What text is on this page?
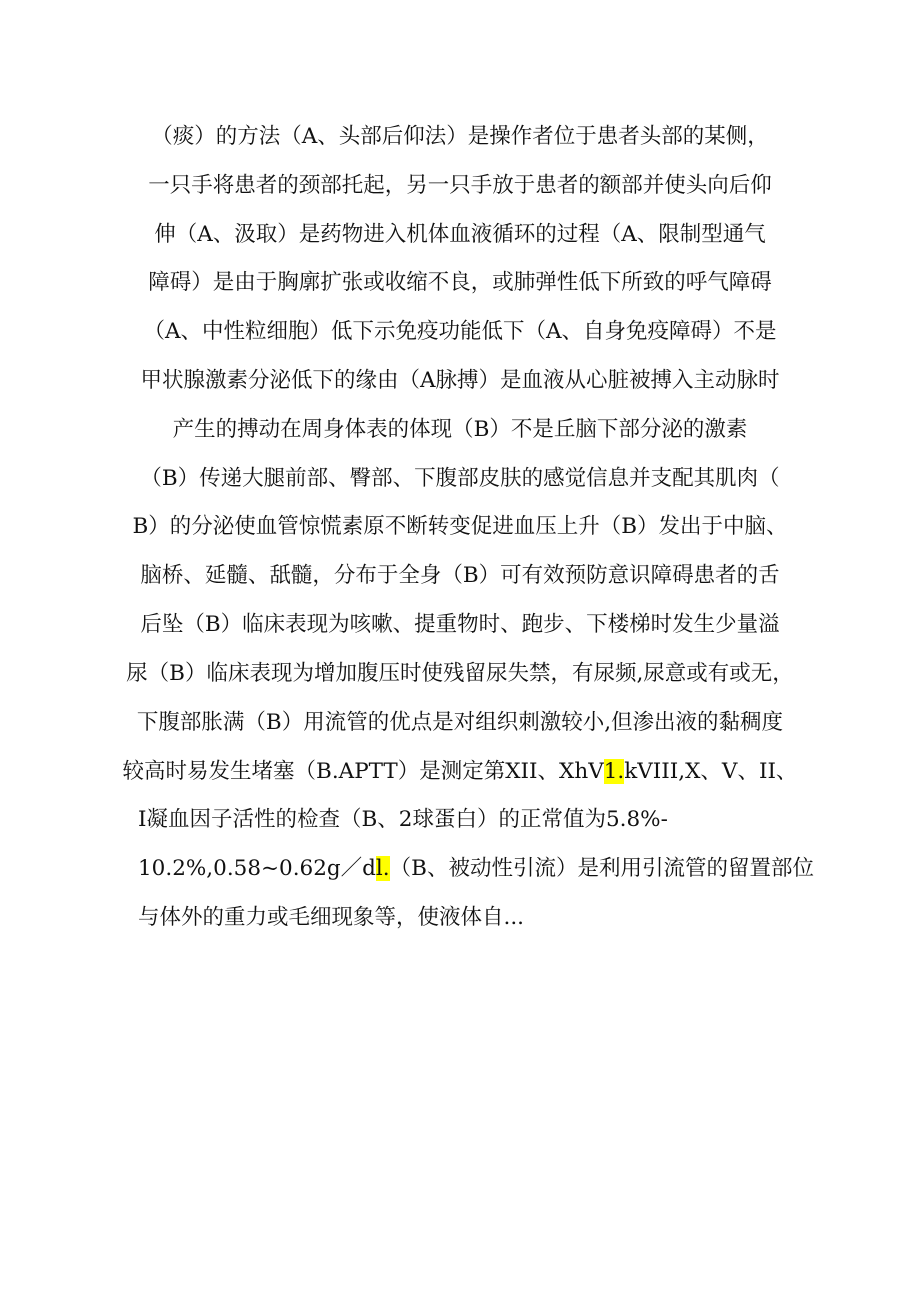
（痰）的方法（A、头部后仰法）是操作者位于患者头部的某侧，
一只手将患者的颈部托起，另一只手放于患者的额部并使头向后仰
伸（A、汲取）是药物进入机体血液循环的过程（A、限制型通气
障碍）是由于胸廓扩张或收缩不良，或肺弹性低下所致的呼气障碍
（A、中性粒细胞）低下示免疫功能低下（A、自身免疫障碍）不是
甲状腺激素分泌低下的缘由（A脉搏）是血液从心脏被搏入主动脉时
产生的搏动在周身体表的体现（B）不是丘脑下部分泌的激素
（B）传递大腿前部、臀部、下腹部皮肤的感觉信息并支配其肌肉（
B）的分泌使血管惊慌素原不断转变促进血压上升（B）发出于中脑、
脑桥、延髓、舐髓，分布于全身（B）可有效预防意识障碍患者的舌
后坠（B）临床表现为咳嗽、提重物时、跑步、下楼梯时发生少量溢
尿（B）临床表现为增加腹压时使残留尿失禁，有尿频,尿意或有或无，
下腹部胀满（B）用流管的优点是对组织刺激较小,但渗出液的黏稠度
较高时易发生堵塞（B.APTT）是测定第XII、XhV1.kVIII,X、V、II、
I凝血因子活性的检查（B、2球蛋白）的正常值为5.8%-
10.2%,0.58~0.62g／dl.（B、被动性引流）是利用引流管的留置部位
与体外的重力或毛细现象等，使液体自...
